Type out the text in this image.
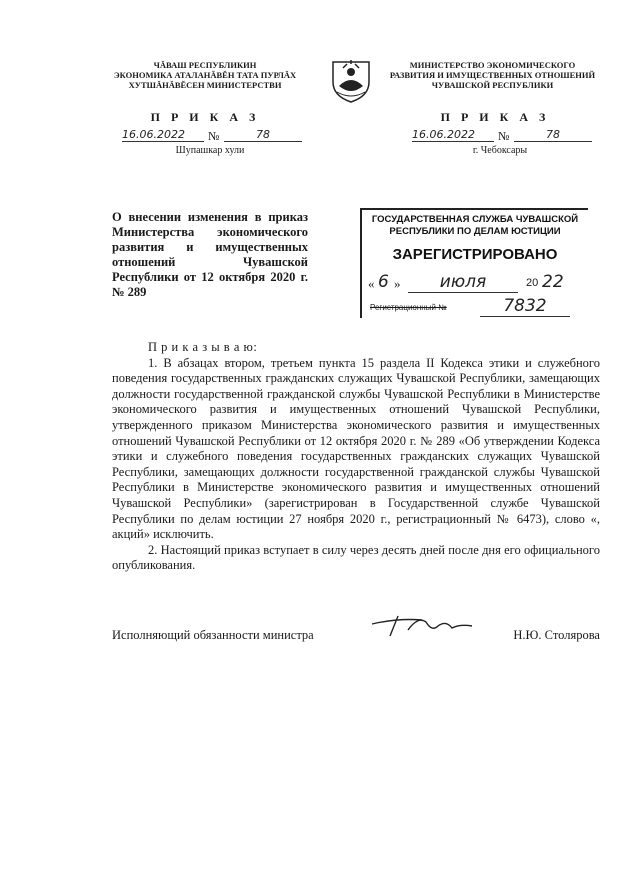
ЧĂВАШ РЕСПУБЛИКИН
ЭКОНОМИКА АТАЛАНĂВĔН ТАТА ПУРЛĂХ
ХУТШĂНĂВĔСЕН МИНИСТЕРСТВИ
МИНИСТЕРСТВО ЭКОНОМИЧЕСКОГО
РАЗВИТИЯ И ИМУЩЕСТВЕННЫХ ОТНОШЕНИЙ
ЧУВАШСКОЙ РЕСПУБЛИКИ
П Р И К А З	П Р И К А З
16.06.2022	№	78
Шупашкар хули
16.06.2022	№	78
г. Чебоксары
О внесении изменения в приказ Министерства экономического развития и имущественных отношений Чувашской Республики от 12 октября 2020 г. № 289
ГОСУДАРСТВЕННАЯ СЛУЖБА ЧУВАШСКОЙ
РЕСПУБЛИКИ ПО ДЕЛАМ ЮСТИЦИИ
ЗАРЕГИСТРИРОВАНО
« 6 »	июля	20 22
Регистрационный №	7832

П р и к а з ы в а ю:

1. В абзацах втором, третьем пункта 15 раздела II Кодекса этики и служебного поведения государственных гражданских служащих Чувашской Республики, замещающих должности государственной гражданской службы Чувашской Республики в Министерстве экономического развития и имущественных отношений Чувашской Республики, утвержденного приказом Министерства экономического развития и имущественных отношений Чувашской Республики от 12 октября 2020 г. № 289 «Об утверждении Кодекса этики и служебного поведения государственных гражданских служащих Чувашской Республики, замещающих должности государственной гражданской службы Чувашской Республики в Министерстве экономического развития и имущественных отношений Чувашской Республики» (зарегистрирован в Государственной службе Чувашской Республики по делам юстиции 27 ноября 2020 г., регистрационный № 6473), слово «, акций» исключить.

2. Настоящий приказ вступает в силу через десять дней после дня его официального опубликования.

Исполняющий обязанности министра	Н.Ю. Столярова
